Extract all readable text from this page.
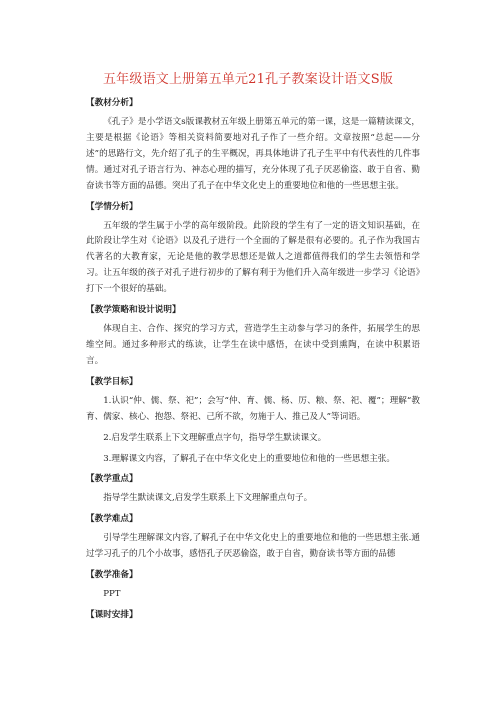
五年级语文上册第五单元21孔子教案设计语文S版
【教材分析】
《孔子》是小学语文s版课教材五年级上册第五单元的第一课，这是一篇精读课文，主要是根据《论语》等相关资料简要地对孔子作了一些介绍。文章按照“总起——分述”的思路行文，先介绍了孔子的生平概况，再具体地讲了孔子生平中有代表性的几件事情。通过对孔子语言行为、神态心理的描写，充分体现了孔子厌恶偷盗、敢于自省、勤奋读书等方面的品德。突出了孔子在中华文化史上的重要地位和他的一些思想主张。
【学情分析】
五年级的学生属于小学的高年级阶段。此阶段的学生有了一定的语文知识基础，在此阶段让学生对《论语》以及孔子进行一个全面的了解是很有必要的。孔子作为我国古代著名的大教育家，无论是他的教学思想还是做人之道都值得我们的学生去领悟和学习。让五年级的孩子对孔子进行初步的了解有利于为他们升入高年级进一步学习《论语》打下一个很好的基础。
【教学策略和设计说明】
体现自主、合作、探究的学习方式，营造学生主动参与学习的条件，拓展学生的思维空间。通过多种形式的练读，让学生在读中感悟，在读中受到熏陶，在读中积累语言。
【教学目标】
1.认识“仲、儒、祭、祀”；会写“仲、育、儒、杨、厉、粮、祭、祀、覆”；理解“教育、儒家、核心、抱怨、祭祀、己所不欲，勿施于人、推己及人”等词语。
2.启发学生联系上下文理解重点字句，指导学生默读课文。
3.理解课文内容，了解孔子在中华文化史上的重要地位和他的一些思想主张。
【教学重点】
指导学生默读课文,启发学生联系上下文理解重点句子。
【教学难点】
引导学生理解课文内容,了解孔子在中华文化史上的重要地位和他的一些思想主张.通过学习孔子的几个小故事，感悟孔子厌恶偷盗，敢于自省，勤奋读书等方面的品德
【教学准备】
PPT
【课时安排】
